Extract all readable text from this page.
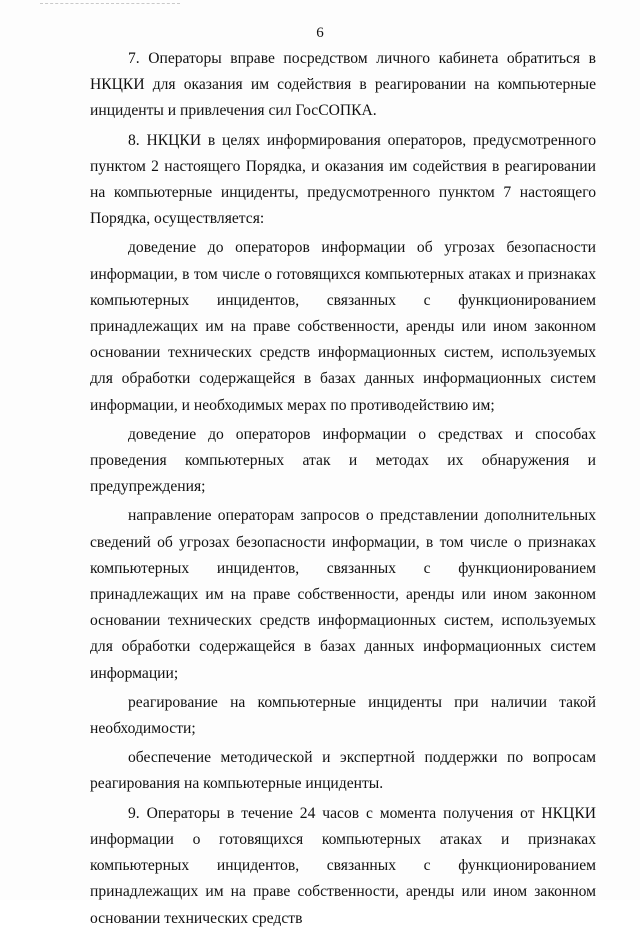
6

7. Операторы вправе посредством личного кабинета обратиться в НКЦКИ для оказания им содействия в реагировании на компьютерные инциденты и привлечения сил ГосСОПКА.

8. НКЦКИ в целях информирования операторов, предусмотренного пунктом 2 настоящего Порядка, и оказания им содействия в реагировании на компьютерные инциденты, предусмотренного пунктом 7 настоящего Порядка, осуществляется:

доведение до операторов информации об угрозах безопасности информации, в том числе о готовящихся компьютерных атаках и признаках компьютерных инцидентов, связанных с функционированием принадлежащих им на праве собственности, аренды или ином законном основании технических средств информационных систем, используемых для обработки содержащейся в базах данных информационных систем информации, и необходимых мерах по противодействию им;

доведение до операторов информации о средствах и способах проведения компьютерных атак и методах их обнаружения и предупреждения;

направление операторам запросов о представлении дополнительных сведений об угрозах безопасности информации, в том числе о признаках компьютерных инцидентов, связанных с функционированием принадлежащих им на праве собственности, аренды или ином законном основании технических средств информационных систем, используемых для обработки содержащейся в базах данных информационных систем информации;

реагирование на компьютерные инциденты при наличии такой необходимости;

обеспечение методической и экспертной поддержки по вопросам реагирования на компьютерные инциденты.

9. Операторы в течение 24 часов с момента получения от НКЦКИ информации о готовящихся компьютерных атаках и признаках компьютерных инцидентов, связанных с функционированием принадлежащих им на праве собственности, аренды или ином законном основании технических средств
